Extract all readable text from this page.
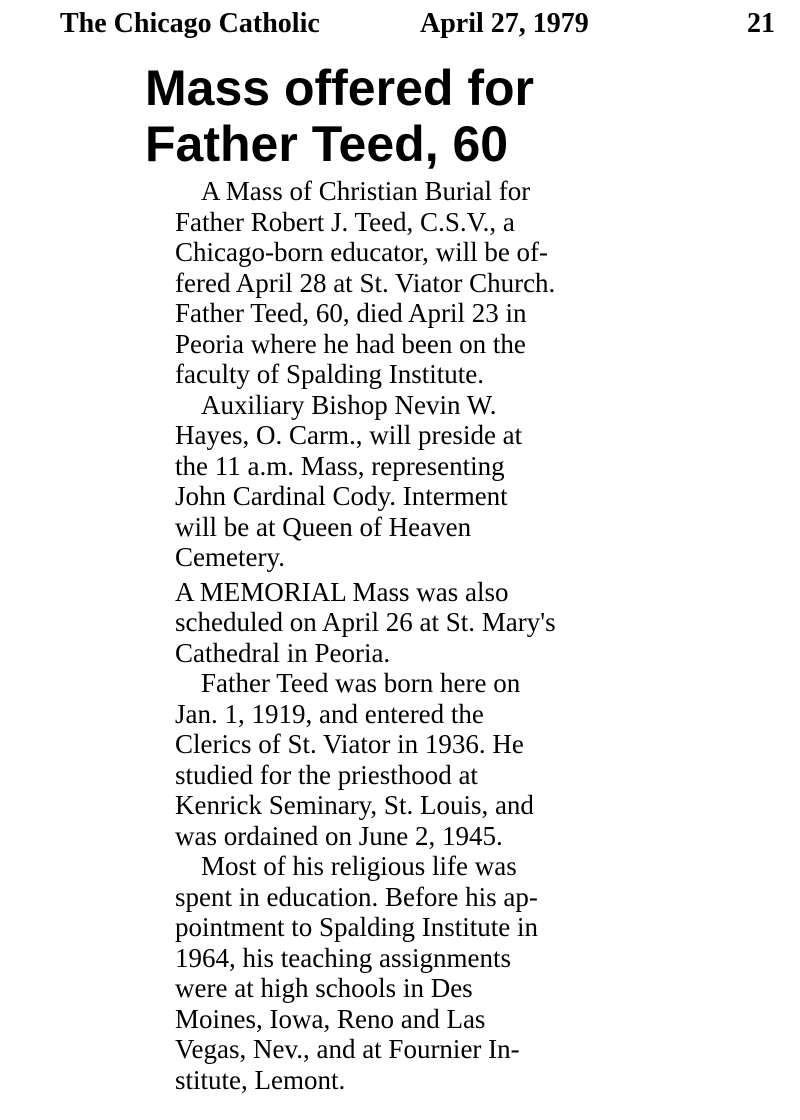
The Chicago Catholic	April 27, 1979	21
Mass offered for
Father Teed, 60
A Mass of Christian Burial for
Father Robert J. Teed, C.S.V., a
Chicago-born educator, will be of-
fered April 28 at St. Viator Church.
Father Teed, 60, died April 23 in
Peoria where he had been on the
faculty of Spalding Institute.
Auxiliary Bishop Nevin W.
Hayes, O. Carm., will preside at
the 11 a.m. Mass, representing
John Cardinal Cody. Interment
will be at Queen of Heaven
Cemetery.
A MEMORIAL Mass was also
scheduled on April 26 at St. Mary's
Cathedral in Peoria.
Father Teed was born here on
Jan. 1, 1919, and entered the
Clerics of St. Viator in 1936. He
studied for the priesthood at
Kenrick Seminary, St. Louis, and
was ordained on June 2, 1945.
Most of his religious life was
spent in education. Before his ap-
pointment to Spalding Institute in
1964, his teaching assignments
were at high schools in Des
Moines, Iowa, Reno and Las
Vegas, Nev., and at Fournier In-
stitute, Lemont.
